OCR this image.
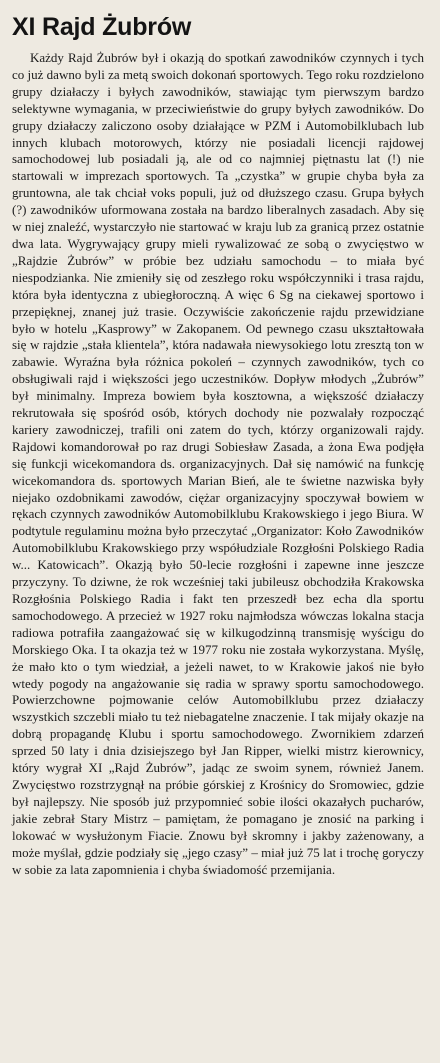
XI Rajd Żubrów

Każdy Rajd Żubrów był i okazją do spotkań zawodników czynnych i tych co już dawno byli za metą swoich dokonań sportowych. Tego roku rozdzielono grupy działaczy i byłych zawodników, stawiając tym pierwszym bardzo selektywne wymagania, w przeciwieństwie do grupy byłych zawodników. Do grupy działaczy zaliczono osoby działające w PZM i Automobilklubach lub innych klubach motorowych, którzy nie posiadali licencji rajdowej samochodowej lub posiadali ją, ale od co najmniej piętnastu lat (!) nie startowali w imprezach sportowych. Ta „czystka” w grupie chyba była za gruntowna, ale tak chciał voks populi, już od dłuższego czasu. Grupa byłych (?) zawodników uformowana została na bardzo liberalnych zasadach. Aby się w niej znaleźć, wystarczyło nie startować w kraju lub za granicą przez ostatnie dwa lata. Wygrywający grupy mieli rywalizować ze sobą o zwycięstwo w „Rajdzie Żubrów” w próbie bez udziału samochodu – to miała być niespodzianka. Nie zmieniły się od zeszłego roku współczynniki i trasa rajdu, która była identyczna z ubiegłoroczną. A więc 6 Sg na ciekawej sportowo i przepięknej, znanej już trasie. Oczywiście zakończenie rajdu przewidziane było w hotelu „Kasprowy” w Zakopanem. Od pewnego czasu ukształtowała się w rajdzie „stała klientela”, która nadawała niewysokiego lotu zresztą ton w zabawie. Wyraźna była różnica pokoleń – czynnych zawodników, tych co obsługiwali rajd i większości jego uczestników. Dopływ młodych „Żubrów” był minimalny. Impreza bowiem była kosztowna, a większość działaczy rekrutowała się spośród osób, których dochody nie pozwalały rozpocząć kariery zawodniczej, trafili oni zatem do tych, którzy organizowali rajdy. Rajdowi komandorował po raz drugi Sobiesław Zasada, a żona Ewa podjęła się funkcji wicekomandora ds. organizacyjnych. Dał się namówić na funkcję wicekomandora ds. sportowych Marian Bień, ale te świetne nazwiska były niejako ozdobnikami zawodów, ciężar organizacyjny spoczywał bowiem w rękach czynnych zawodników Automobilklubu Krakowskiego i jego Biura. W podtytule regulaminu można było przeczytać „Organizator: Koło Zawodników Automobilklubu Krakowskiego przy współudziale Rozgłośni Polskiego Radia w... Katowicach”. Okazją było 50-lecie rozgłośni i zapewne inne jeszcze przyczyny. To dziwne, że rok wcześniej taki jubileusz obchodziła Krakowska Rozgłośnia Polskiego Radia i fakt ten przeszedł bez echa dla sportu samochodowego. A przecież w 1927 roku najmłodsza wówczas lokalna stacja radiowa potrafiła zaangażować się w kilkugodzinną transmisję wyścigu do Morskiego Oka. I ta okazja też w 1977 roku nie została wykorzystana. Myślę, że mało kto o tym wiedział, a jeżeli nawet, to w Krakowie jakoś nie było wtedy pogody na angażowanie się radia w sprawy sportu samochodowego. Powierzchowne pojmowanie celów Automobilklubu przez działaczy wszystkich szczebli miało tu też niebagatelne znaczenie. I tak mijały okazje na dobrą propagandę Klubu i sportu samochodowego. Zwornikiem zdarzeń sprzed 50 laty i dnia dzisiejszego był Jan Ripper, wielki mistrz kierownicy, który wygrał XI „Rajd Żubrów”, jadąc ze swoim synem, również Janem. Zwycięstwo rozstrzygnął na próbie górskiej z Krośnicy do Sromowiec, gdzie był najlepszy. Nie sposób już przypomnieć sobie ilości okazałych pucharów, jakie zebrał Stary Mistrz – pamiętam, że pomagano je znosić na parking i lokować w wysłużonym Fiacie. Znowu był skromny i jakby zażenowany, a może myślał, gdzie podziały się „jego czasy” – miał już 75 lat i trochę goryczy w sobie za lata zapomnienia i chyba świadomość przemijania.
